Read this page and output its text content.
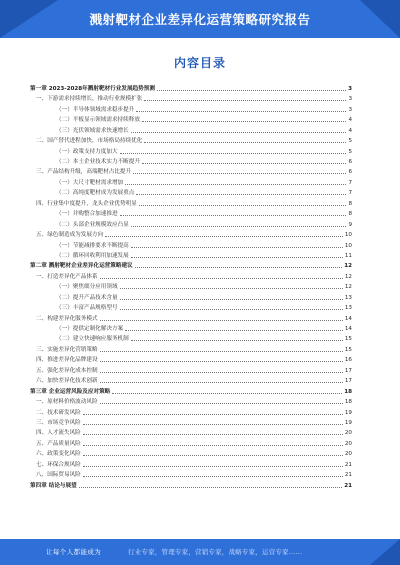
溅射靶材企业差异化运营策略研究报告
内容目录
第一章 2023-2028年溅射靶材行业发展趋势预测	3
一、下游需求持续增长，推动行业规模扩张	3
（一）半导体领域需求稳步提升	3
（二）平板显示领域需求持续释放	4
（三）光伏领域需求快速增长	4
二、国产替代进程加快，市场格局持续优化	5
（一）政策支持力度加大	5
（二）本土企业技术实力不断提升	6
三、产品结构升级，高端靶材占比提升	6
（一）大尺寸靶材需求增加	7
（二）高纯度靶材成为发展重点	7
四、行业集中度提升，龙头企业优势明显	8
（一）并购整合加速推进	8
（二）头部企业规模效应凸显	9
五、绿色制造成为发展方向	10
（一）节能减排要求不断提高	10
（二）循环回收利用加速发展	11
第二章 溅射靶材企业差异化运营策略建议	12
一、打造差异化产品体系	12
（一）聚焦细分应用领域	12
（二）提升产品技术含量	13
（三）丰富产品规格型号	13
二、构建差异化服务模式	14
（一）提供定制化解决方案	14
（二）建立快速响应服务机制	15
三、实施差异化营销策略	15
四、推进差异化品牌建设	16
五、强化差异化成本控制	17
六、加快差异化技术创新	17
第三章 企业运营风险及应对策略	18
一、原材料价格波动风险	18
二、技术研发风险	19
三、市场竞争风险	19
四、人才流失风险	20
五、产品质量风险	20
六、政策变化风险	20
七、环保合规风险	21
八、国际贸易风险	21
第四章 结论与展望	21
让每个人都能成为	行业专家，管理专家，营销专家，战略专家，运营专家……
